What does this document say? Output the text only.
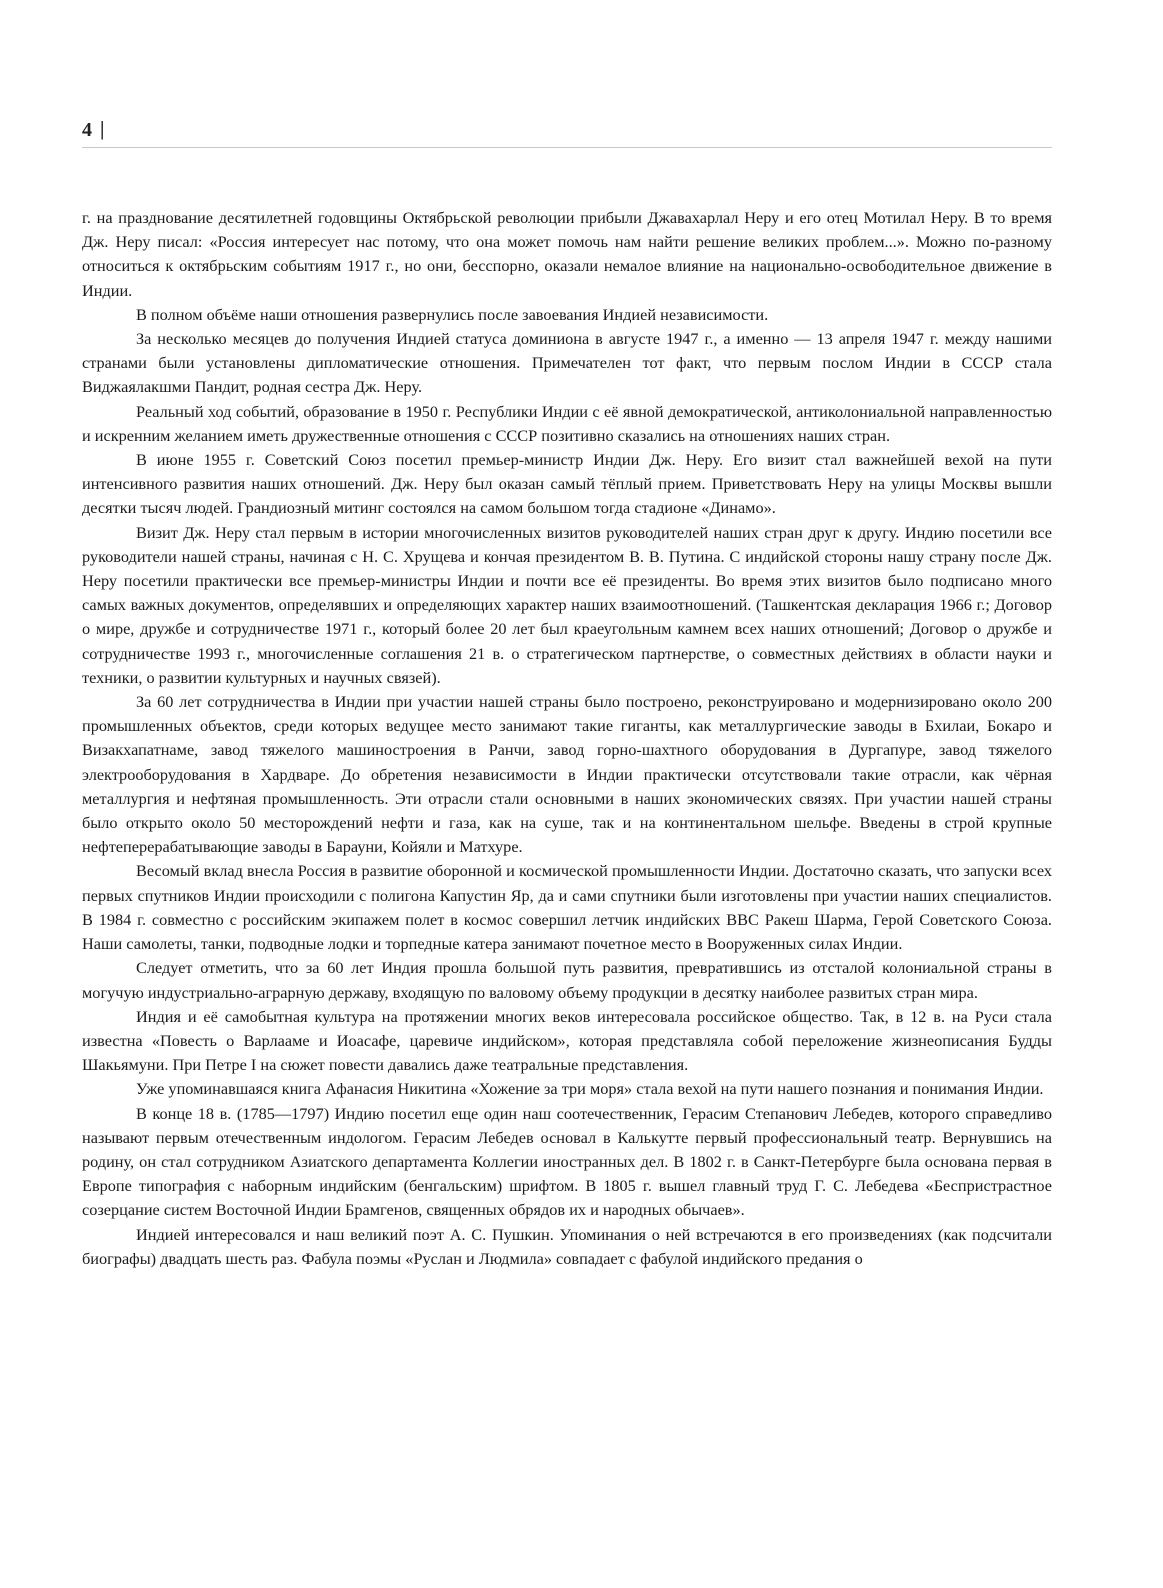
4 |

г. на празднование десятилетней годовщины Октябрьской революции прибыли Джавахарлал Неру и его отец Мотилал Неру. В то время Дж. Неру писал: «Россия интересует нас потому, что она может помочь нам найти решение великих проблем...». Можно по-разному относиться к октябрьским событиям 1917 г., но они, бесспорно, оказали немалое влияние на национально-освободительное движение в Индии.

В полном объёме наши отношения развернулись после завоевания Индией независимости.

За несколько месяцев до получения Индией статуса доминиона в августе 1947 г., а именно — 13 апреля 1947 г. между нашими странами были установлены дипломатические отношения. Примечателен тот факт, что первым послом Индии в СССР стала Виджаялакшми Пандит, родная сестра Дж. Неру.

Реальный ход событий, образование в 1950 г. Республики Индии с её явной демократической, антиколониальной направленностью и искренним желанием иметь дружественные отношения с СССР позитивно сказались на отношениях наших стран.

В июне 1955 г. Советский Союз посетил премьер-министр Индии Дж. Неру. Его визит стал важнейшей вехой на пути интенсивного развития наших отношений. Дж. Неру был оказан самый тёплый прием. Приветствовать Неру на улицы Москвы вышли десятки тысяч людей. Грандиозный митинг состоялся на самом большом тогда стадионе «Динамо».

Визит Дж. Неру стал первым в истории многочисленных визитов руководителей наших стран друг к другу. Индию посетили все руководители нашей страны, начиная с Н. С. Хрущева и кончая президентом В. В. Путина. С индийской стороны нашу страну после Дж. Неру посетили практически все премьер-министры Индии и почти все её президенты. Во время этих визитов было подписано много самых важных документов, определявших и определяющих характер наших взаимоотношений. (Ташкентская декларация 1966 г.; Договор о мире, дружбе и сотрудничестве 1971 г., который более 20 лет был краеугольным камнем всех наших отношений; Договор о дружбе и сотрудничестве 1993 г., многочисленные соглашения 21 в. о стратегическом партнерстве, о совместных действиях в области науки и техники, о развитии культурных и научных связей).

За 60 лет сотрудничества в Индии при участии нашей страны было построено, реконструировано и модернизировано около 200 промышленных объектов, среди которых ведущее место занимают такие гиганты, как металлургические заводы в Бхилаи, Бокаро и Визакхапатнаме, завод тяжелого машиностроения в Ранчи, завод горно-шахтного оборудования в Дургапуре, завод тяжелого электрооборудования в Хардваре. До обретения независимости в Индии практически отсутствовали такие отрасли, как чёрная металлургия и нефтяная промышленность. Эти отрасли стали основными в наших экономических связях. При участии нашей страны было открыто около 50 месторождений нефти и газа, как на суше, так и на континентальном шельфе. Введены в строй крупные нефтеперерабатывающие заводы в Барауни, Койяли и Матхуре.

Весомый вклад внесла Россия в развитие оборонной и космической промышленности Индии. Достаточно сказать, что запуски всех первых спутников Индии происходили с полигона Капустин Яр, да и сами спутники были изготовлены при участии наших специалистов. В 1984 г. совместно с российским экипажем полет в космос совершил летчик индийских ВВС Ракеш Шарма, Герой Советского Союза. Наши самолеты, танки, подводные лодки и торпедные катера занимают почетное место в Вооруженных силах Индии.

Следует отметить, что за 60 лет Индия прошла большой путь развития, превратившись из отсталой колониальной страны в могучую индустриально-аграрную державу, входящую по валовому объему продукции в десятку наиболее развитых стран мира.

Индия и её самобытная культура на протяжении многих веков интересовала российское общество. Так, в 12 в. на Руси стала известна «Повесть о Варлааме и Иоасафе, царевиче индийском», которая представляла собой переложение жизнеописания Будды Шакьямуни. При Петре I на сюжет повести давались даже театральные представления.

Уже упоминавшаяся книга Афанасия Никитина «Хожение за три моря» стала вехой на пути нашего познания и понимания Индии.

В конце 18 в. (1785—1797) Индию посетил еще один наш соотечественник, Герасим Степанович Лебедев, которого справедливо называют первым отечественным индологом. Герасим Лебедев основал в Калькутте первый профессиональный театр. Вернувшись на родину, он стал сотрудником Азиатского департамента Коллегии иностранных дел. В 1802 г. в Санкт-Петербурге была основана первая в Европе типография с наборным индийским (бенгальским) шрифтом. В 1805 г. вышел главный труд Г. С. Лебедева «Беспристрастное созерцание систем Восточной Индии Брамгенов, священных обрядов их и народных обычаев».

Индией интересовался и наш великий поэт А. С. Пушкин. Упоминания о ней встречаются в его произведениях (как подсчитали биографы) двадцать шесть раз. Фабула поэмы «Руслан и Людмила» совпадает с фабулой индийского предания о
